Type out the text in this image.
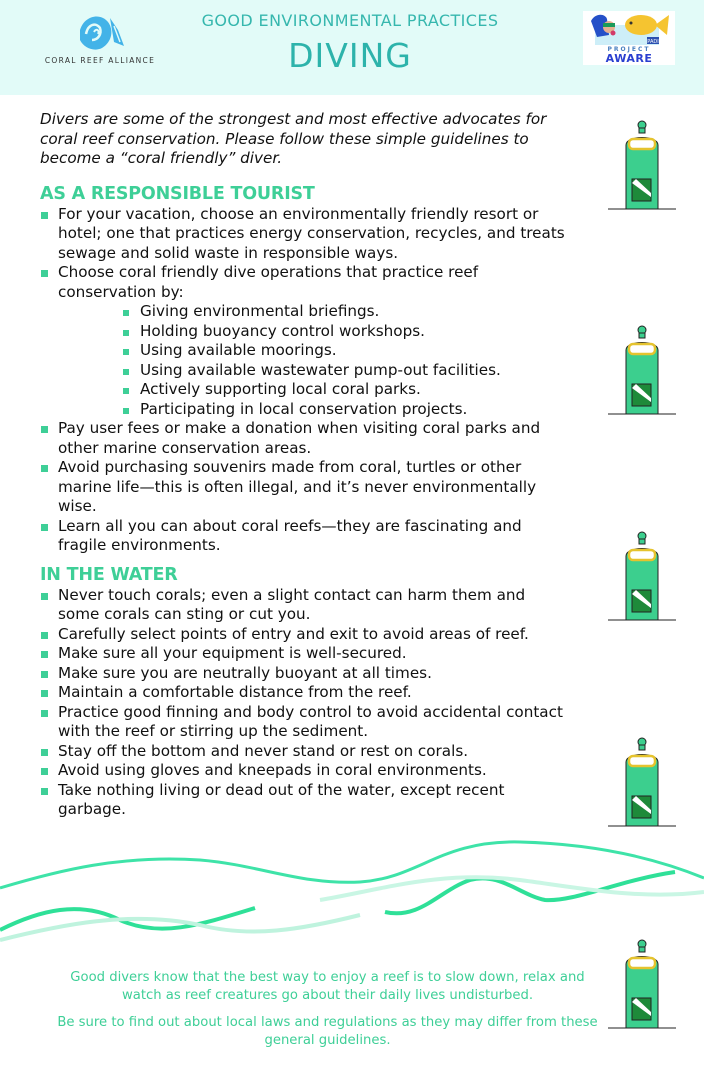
CORAL REEF ALLIANCE
GOOD ENVIRONMENTAL PRACTICES
DIVING	PADI
PROJECT
AWARE

Divers are some of the strongest and most effective advocates for coral reef conservation. Please follow these simple guidelines to become a “coral friendly” diver.

AS A RESPONSIBLE TOURIST
For your vacation, choose an environmentally friendly resort or hotel; one that practices energy conservation, recycles, and treats sewage and solid waste in responsible ways.
Choose coral friendly dive operations that practice reef conservation by:
Giving environmental briefings.
Holding buoyancy control workshops.
Using available moorings.
Using available wastewater pump-out facilities.
Actively supporting local coral parks.
Participating in local conservation projects.
Pay user fees or make a donation when visiting coral parks and other marine conservation areas.
Avoid purchasing souvenirs made from coral, turtles or other marine life—this is often illegal, and it’s never environmentally wise.
Learn all you can about coral reefs—they are fascinating and fragile environments.
IN THE WATER
Never touch corals; even a slight contact can harm them and some corals can sting or cut you.
Carefully select points of entry and exit to avoid areas of reef.
Make sure all your equipment is well-secured.
Make sure you are neutrally buoyant at all times.
Maintain a comfortable distance from the reef.
Practice good finning and body control to avoid accidental contact with the reef or stirring up the sediment.
Stay off the bottom and never stand or rest on corals.
Avoid using gloves and kneepads in coral environments.
Take nothing living or dead out of the water, except recent garbage.

Good divers know that the best way to enjoy a reef is to slow down, relax and watch as reef creatures go about their daily lives undisturbed.

Be sure to find out about local laws and regulations as they may differ from these general guidelines.
